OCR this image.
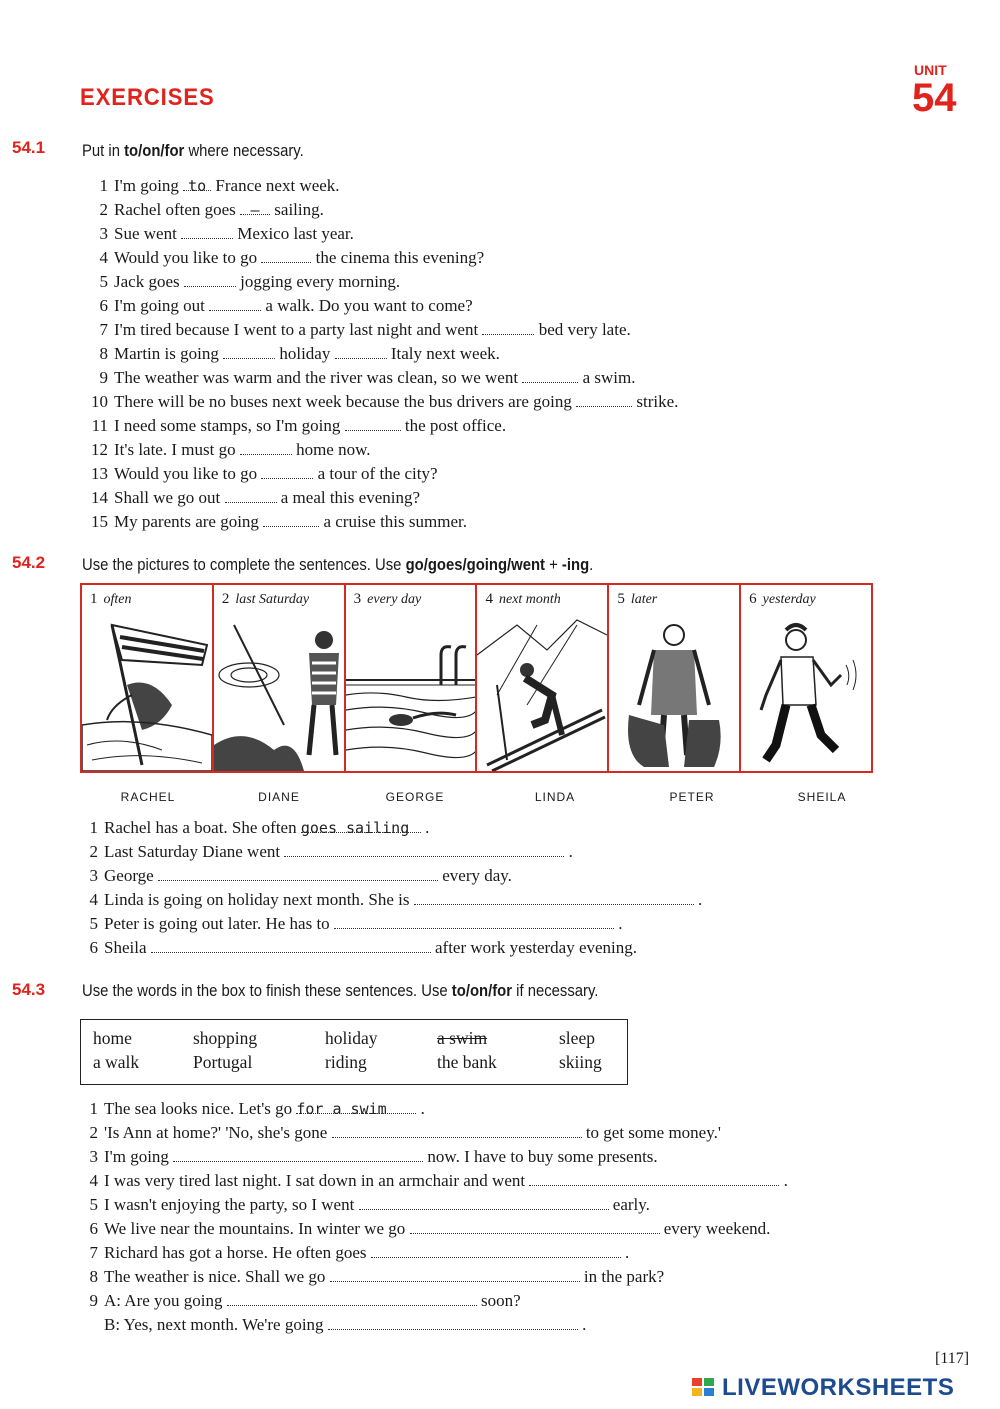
EXERCISES
UNIT
54
54.1 Put in to/on/for where necessary.
1 I'm going to France next week.
2 Rachel often goes – sailing.
3 Sue went	Mexico last year.
4 Would you like to go	the cinema this evening?
5 Jack goes	jogging every morning.
6 I'm going out	a walk. Do you want to come?
7 I'm tired because I went to a party last night and went	bed very late.
8 Martin is going	holiday	Italy next week.
9 The weather was warm and the river was clean, so we went	a swim.
10 There will be no buses next week because the bus drivers are going	strike.
11 I need some stamps, so I'm going	the post office.
12 It's late. I must go	home now.
13 Would you like to go	a tour of the city?
14 Shall we go out	a meal this evening?
15 My parents are going	a cruise this summer.
54.2 Use the pictures to complete the sentences. Use go/goes/going/went + -ing.
1 often	2 last Saturday	3 every day	4 next month	5 later	6 yesterday
RACHEL	DIANE	GEORGE	LINDA	PETER	SHEILA
1 Rachel has a boat. She often goes sailing .
2 Last Saturday Diane went	.
3 George	every day.
4 Linda is going on holiday next month. She is	.
5 Peter is going out later. He has to	.
6 Sheila	after work yesterday evening.
54.3 Use the words in the box to finish these sentences. Use to/on/for if necessary.
home	shopping	holiday	a swim	sleep
a walk	Portugal	riding	the bank	skiing
1 The sea looks nice. Let's go for a swim .
2 'Is Ann at home?' 'No, she's gone	to get some money.'
3 I'm going	now. I have to buy some presents.
4 I was very tired last night. I sat down in an armchair and went	.
5 I wasn't enjoying the party, so I went	early.
6 We live near the mountains. In winter we go	every weekend.
7 Richard has got a horse. He often goes	.
8 The weather is nice. Shall we go	in the park?
9 A: Are you going	soon?
B: Yes, next month. We're going	.
[117]
LIVEWORKSHEETS
